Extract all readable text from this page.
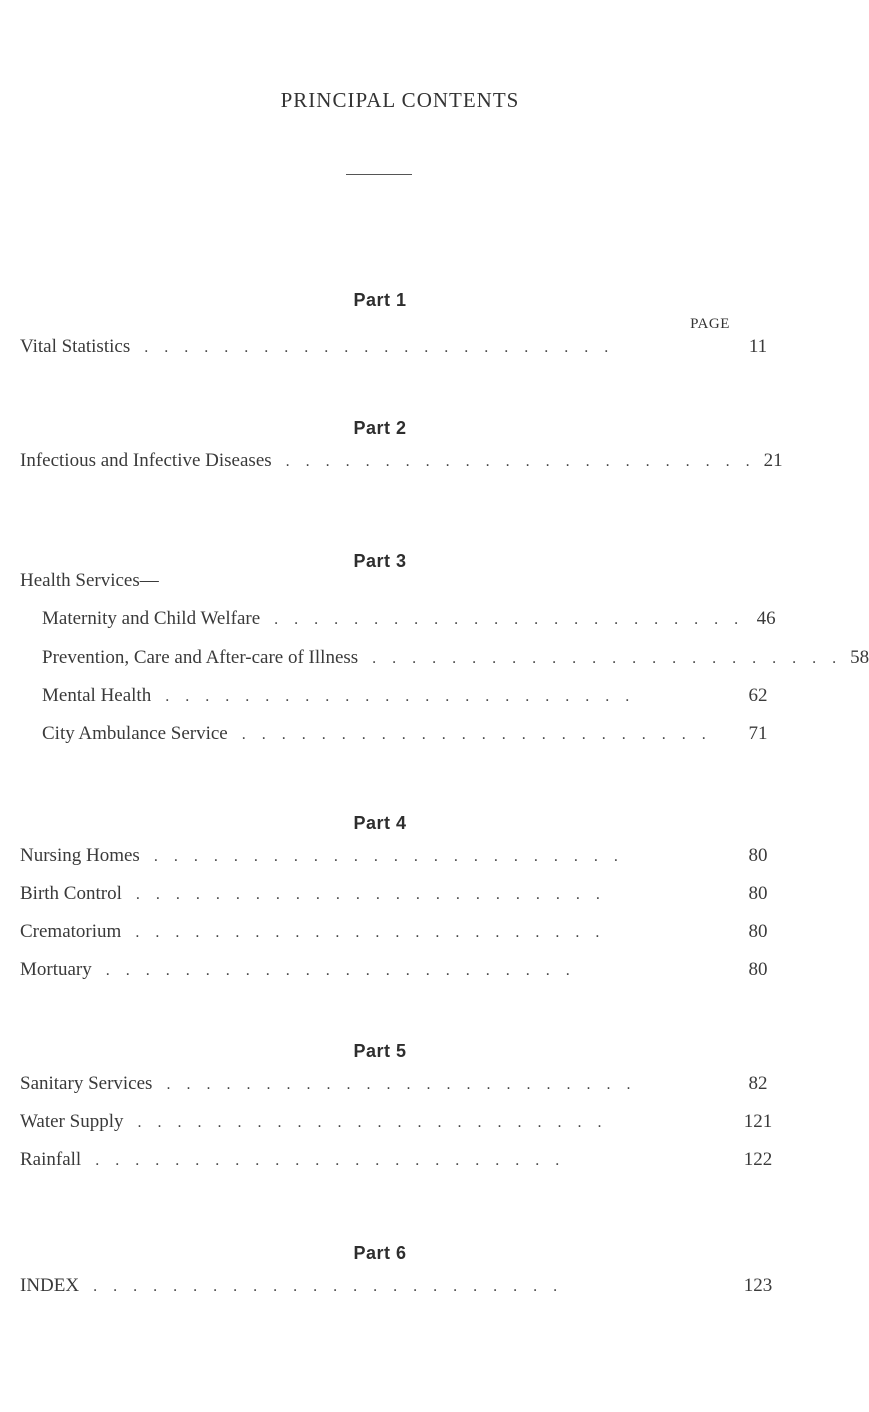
PRINCIPAL CONTENTS
Part 1
PAGE
Vital Statistics . . . . . . . . . . . . . . . . . . . . . . . .	11
Part 2
Infectious and Infective Diseases . . . . . . . . . . . . . . . . . . . . . . . . 21
Part 3
Health Services—
Maternity and Child Welfare . . . . . . . . . . . . . . . . . . . . . . . . 46
Prevention, Care and After-care of Illness . . . . . . . . . . . . . . . . . . . . . . . . 58
Mental Health . . . . . . . . . . . . . . . . . . . . . . . .	62
City Ambulance Service . . . . . . . . . . . . . . . . . . . . . . . .	71
Part 4
Nursing Homes . . . . . . . . . . . . . . . . . . . . . . . .	80
Birth Control . . . . . . . . . . . . . . . . . . . . . . . .	80
Crematorium . . . . . . . . . . . . . . . . . . . . . . . .	80
Mortuary . . . . . . . . . . . . . . . . . . . . . . . .	80
Part 5
Sanitary Services . . . . . . . . . . . . . . . . . . . . . . . .	82
Water Supply . . . . . . . . . . . . . . . . . . . . . . . .	121
Rainfall . . . . . . . . . . . . . . . . . . . . . . . .	122
Part 6
INDEX . . . . . . . . . . . . . . . . . . . . . . . .	123
